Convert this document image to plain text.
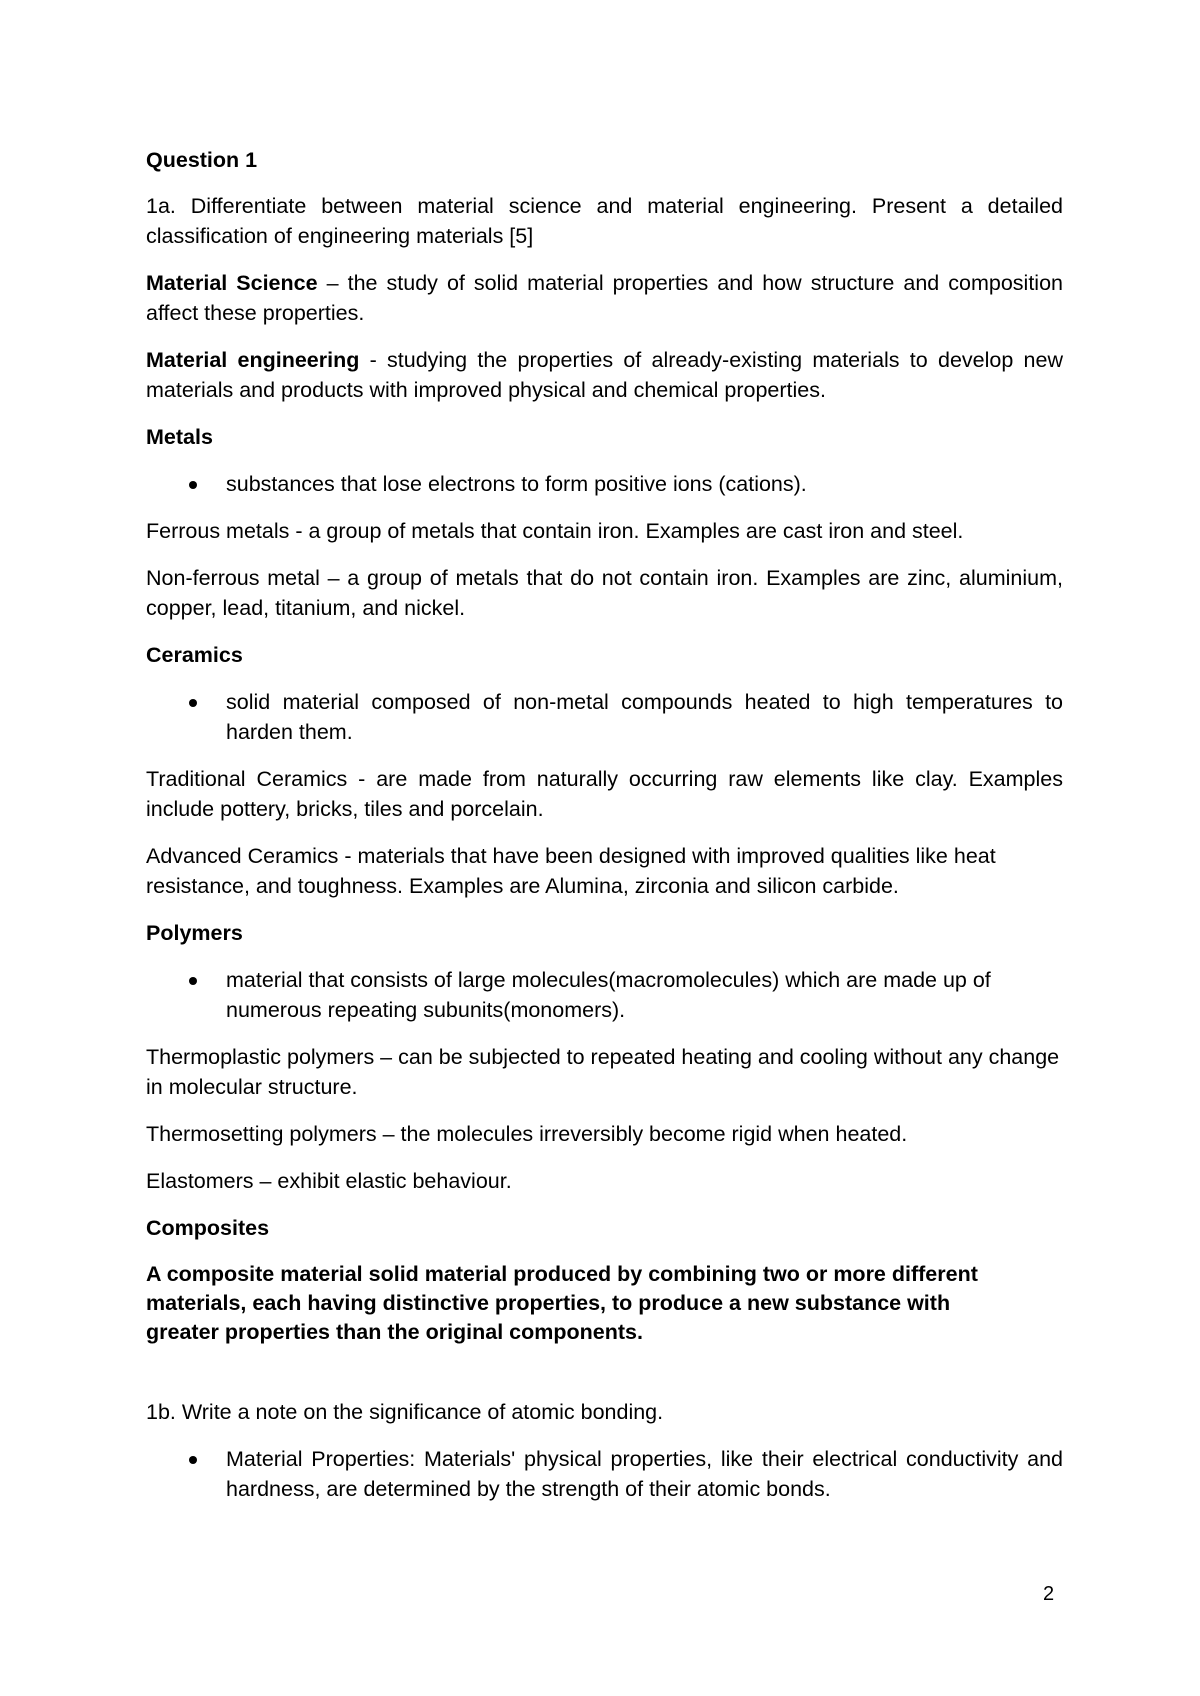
Question 1

1a. Differentiate between material science and material engineering. Present a detailed classification of engineering materials [5]

Material Science – the study of solid material properties and how structure and composition affect these properties.

Material engineering - studying the properties of already-existing materials to develop new materials and products with improved physical and chemical properties.

Metals

substances that lose electrons to form positive ions (cations).

Ferrous metals - a group of metals that contain iron. Examples are cast iron and steel.

Non-ferrous metal – a group of metals that do not contain iron. Examples are zinc, aluminium, copper, lead, titanium, and nickel.

Ceramics

solid material composed of non-metal compounds heated to high temperatures to harden them.

Traditional Ceramics - are made from naturally occurring raw elements like clay. Examples include pottery, bricks, tiles and porcelain.

Advanced Ceramics - materials that have been designed with improved qualities like heat resistance, and toughness. Examples are Alumina, zirconia and silicon carbide.

Polymers

material that consists of large molecules(macromolecules) which are made up of numerous repeating subunits(monomers).

Thermoplastic polymers – can be subjected to repeated heating and cooling without any change in molecular structure.

Thermosetting polymers – the molecules irreversibly become rigid when heated.

Elastomers – exhibit elastic behaviour.

Composites

A composite material solid material produced by combining two or more different materials, each having distinctive properties, to produce a new substance with greater properties than the original components.

1b. Write a note on the significance of atomic bonding.

Material Properties: Materials' physical properties, like their electrical conductivity and hardness, are determined by the strength of their atomic bonds.

2
